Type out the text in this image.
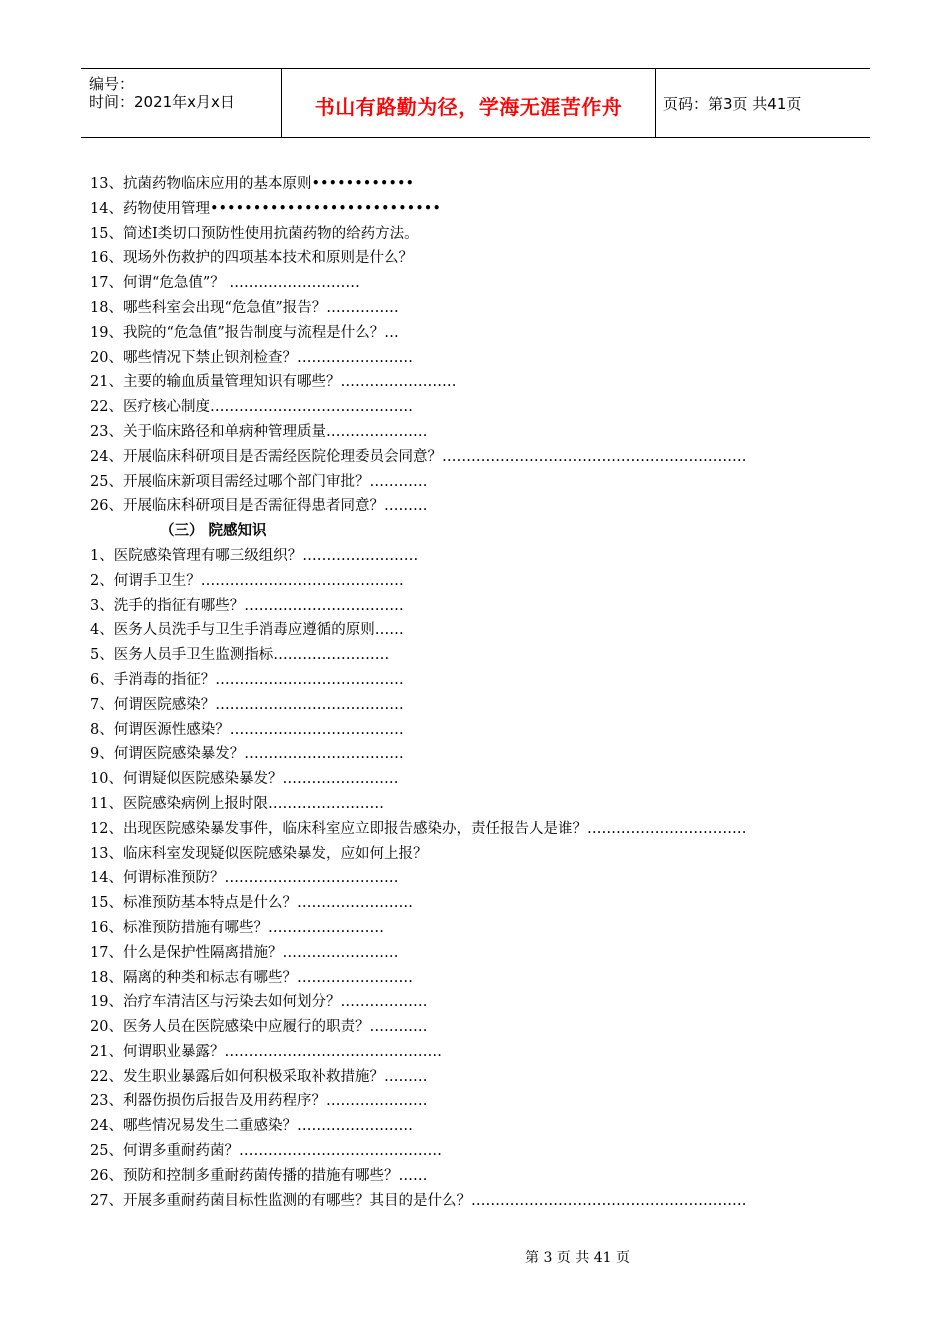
编号：
时间：2021年x月x日	书山有路勤为径，学海无涯苦作舟	页码：第3页 共41页
13、抗菌药物临床应用的基本原则••••••••••••
14、药物使用管理•••••••••••••••••••••••••••
15、简述Ⅰ类切口预防性使用抗菌药物的给药方法。
16、现场外伤救护的四项基本技术和原则是什么？
17、何谓“危急值”？ ………………………
18、哪些科室会出现“危急值”报告？……………
19、我院的“危急值”报告制度与流程是什么？…
20、哪些情况下禁止钡剂检查？……………………
21、主要的输血质量管理知识有哪些？……………………
22、医疗核心制度……………………………………
23、关于临床路径和单病种管理质量…………………
24、开展临床科研项目是否需经医院伦理委员会同意？………………………………………………………
25、开展临床新项目需经过哪个部门审批？…………
26、开展临床科研项目是否需征得患者同意？………
（三） 院感知识
1、医院感染管理有哪三级组织？……………………
2、何谓手卫生？……………………………………
3、洗手的指征有哪些？……………………………
4、医务人员洗手与卫生手消毒应遵循的原则……
5、医务人员手卫生监测指标……………………
6、手消毒的指征？…………………………………
7、何谓医院感染？…………………………………
8、何谓医源性感染？………………………………
9、何谓医院感染暴发？……………………………
10、何谓疑似医院感染暴发？……………………
11、医院感染病例上报时限……………………
12、出现医院感染暴发事件，临床科室应立即报告感染办，责任报告人是谁？……………………………
13、临床科室发现疑似医院感染暴发，应如何上报？
14、何谓标准预防？………………………………
15、标准预防基本特点是什么？……………………
16、标准预防措施有哪些？……………………
17、什么是保护性隔离措施？……………………
18、隔离的种类和标志有哪些？……………………
19、治疗车清洁区与污染去如何划分？………………
20、医务人员在医院感染中应履行的职责？…………
21、何谓职业暴露？………………………………………
22、发生职业暴露后如何积极采取补救措施？………
23、利器伤损伤后报告及用药程序？…………………
24、哪些情况易发生二重感染？……………………
25、何谓多重耐药菌？……………………………………
26、预防和控制多重耐药菌传播的措施有哪些？……
27、开展多重耐药菌目标性监测的有哪些？其目的是什么？…………………………………………………
第 3 页 共 41 页
